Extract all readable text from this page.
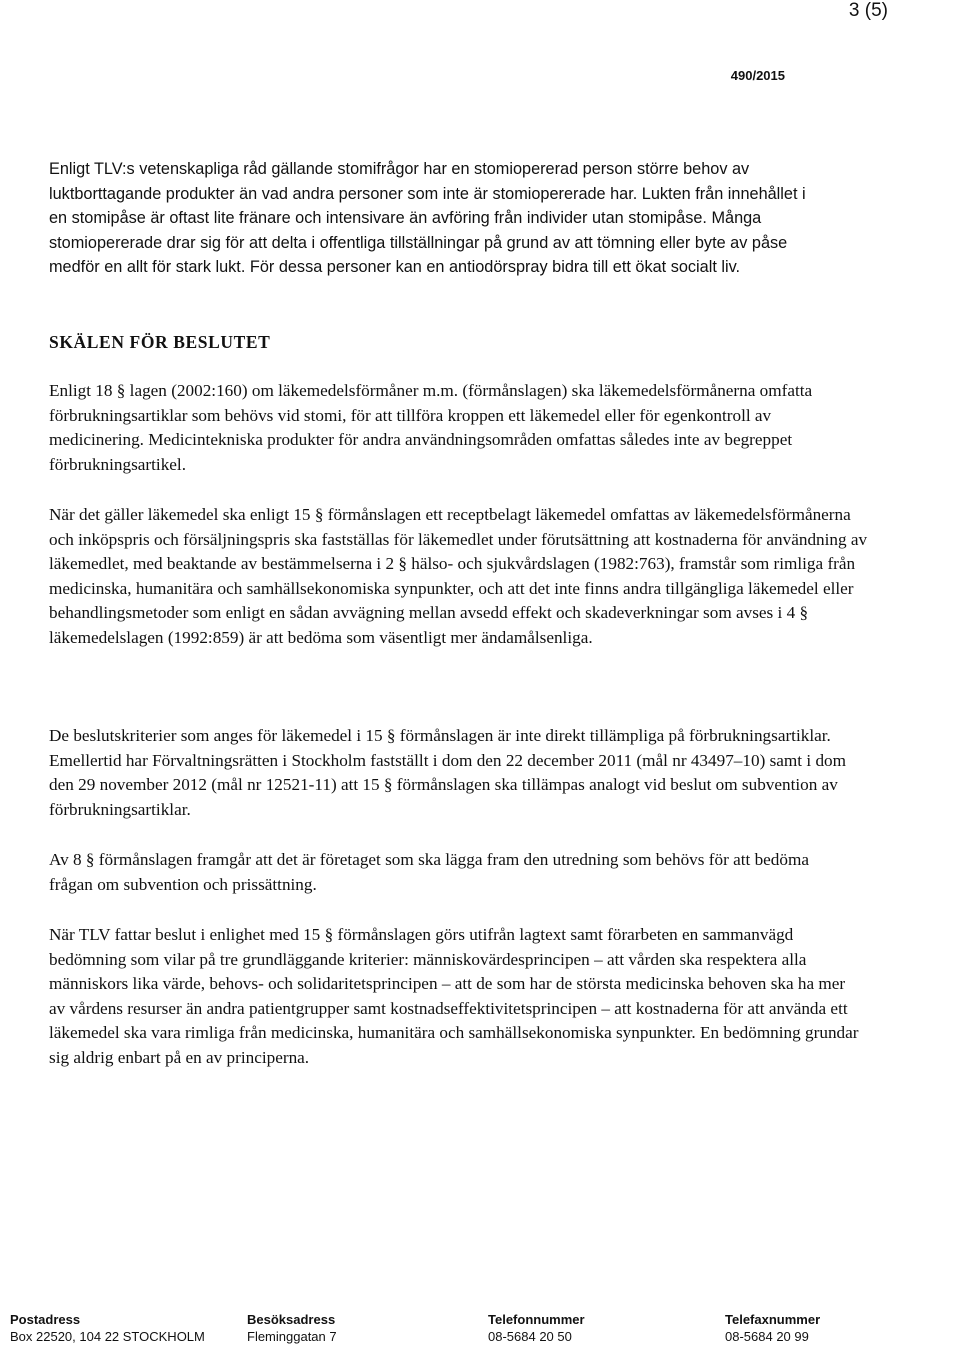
3 (5)
490/2015

Enligt TLV:s vetenskapliga råd gällande stomifrågor har en stomiopererad person större behov av luktborttagande produkter än vad andra personer som inte är stomiopererade har. Lukten från innehållet i en stomipåse är oftast lite fränare och intensivare än avföring från individer utan stomipåse. Många stomiopererade drar sig för att delta i offentliga tillställningar på grund av att tömning eller byte av påse medför en allt för stark lukt. För dessa personer kan en antiodörspray bidra till ett ökat socialt liv.

SKÄLEN FÖR BESLUTET

Enligt 18 § lagen (2002:160) om läkemedelsförmåner m.m. (förmånslagen) ska läkemedelsförmånerna omfatta förbrukningsartiklar som behövs vid stomi, för att tillföra kroppen ett läkemedel eller för egenkontroll av medicinering. Medicintekniska produkter för andra användningsområden omfattas således inte av begreppet förbrukningsartikel.

När det gäller läkemedel ska enligt 15 § förmånslagen ett receptbelagt läkemedel omfattas av läkemedelsförmånerna och inköpspris och försäljningspris ska fastställas för läkemedlet under förutsättning att kostnaderna för användning av läkemedlet, med beaktande av bestämmelserna i 2 § hälso- och sjukvårdslagen (1982:763), framstår som rimliga från medicinska, humanitära och samhällsekonomiska synpunkter, och att det inte finns andra tillgängliga läkemedel eller behandlingsmetoder som enligt en sådan avvägning mellan avsedd effekt och skadeverkningar som avses i 4 § läkemedelslagen (1992:859) är att bedöma som väsentligt mer ändamålsenliga.

De beslutskriterier som anges för läkemedel i 15 § förmånslagen är inte direkt tillämpliga på förbrukningsartiklar. Emellertid har Förvaltningsrätten i Stockholm fastställt i dom den 22 december 2011 (mål nr 43497–10) samt i dom den 29 november 2012 (mål nr 12521-11) att 15 § förmånslagen ska tillämpas analogt vid beslut om subvention av förbrukningsartiklar.

Av 8 § förmånslagen framgår att det är företaget som ska lägga fram den utredning som behövs för att bedöma frågan om subvention och prissättning.

När TLV fattar beslut i enlighet med 15 § förmånslagen görs utifrån lagtext samt förarbeten en sammanvägd bedömning som vilar på tre grundläggande kriterier: människovärdesprincipen – att vården ska respektera alla människors lika värde, behovs- och solidaritetsprincipen – att de som har de största medicinska behoven ska ha mer av vårdens resurser än andra patientgrupper samt kostnadseffektivitetsprincipen – att kostnaderna för att använda ett läkemedel ska vara rimliga från medicinska, humanitära och samhällsekonomiska synpunkter. En bedömning grundar sig aldrig enbart på en av principerna.

Postadress
Box 22520, 104 22 STOCKHOLM
Besöksadress
Fleminggatan 7
Telefonnummer
08-5684 20 50
Telefaxnummer
08-5684 20 99
